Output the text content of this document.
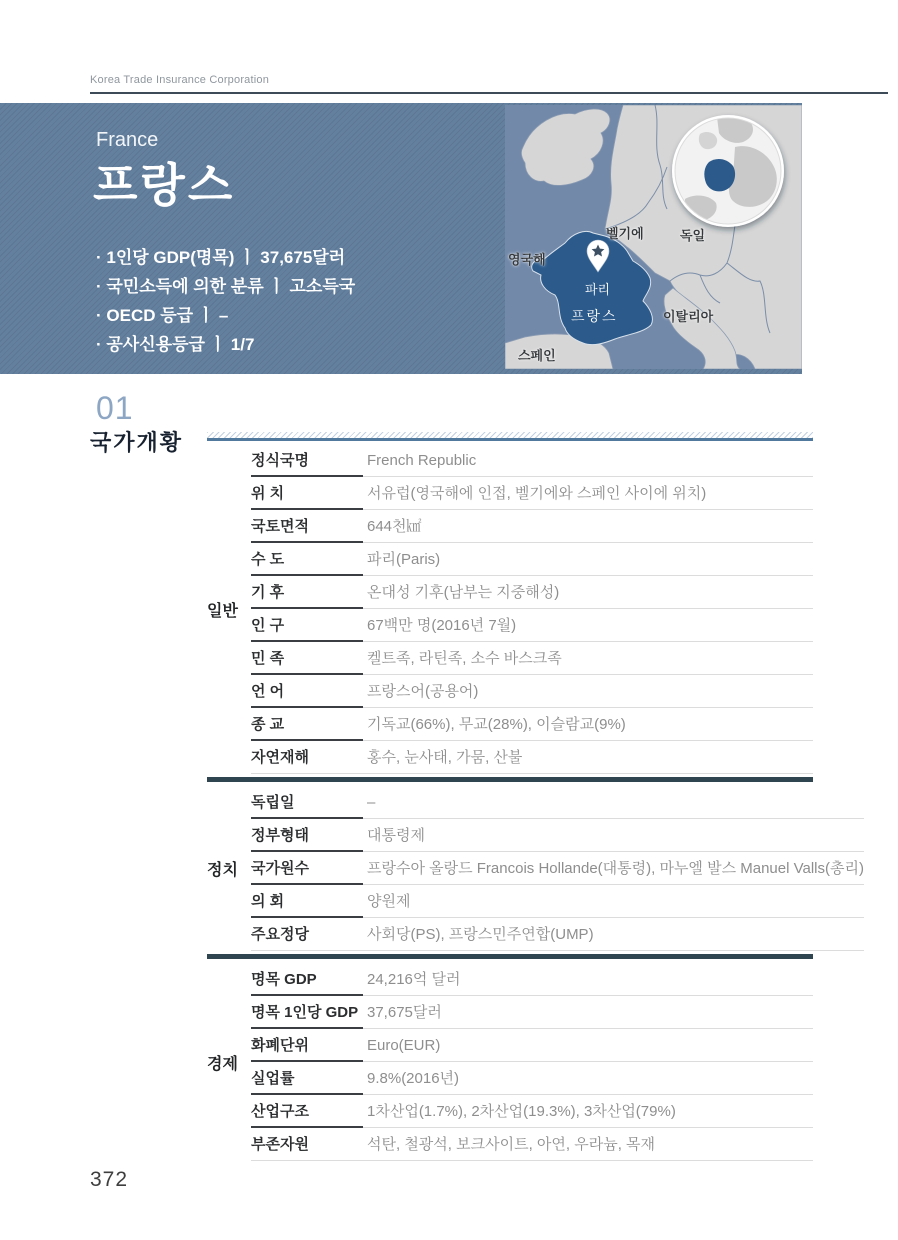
Korea Trade Insurance Corporation
France
프랑스
· 1인당 GDP(명목) ㅣ 37,675달러
· 국민소득에 의한 분류 ㅣ 고소득국
· OECD 등급 ㅣ –
· 공사신용등급 ㅣ 1/7
영국해
벨기에	독일
파리
프랑스	이탈리아
스페인
01
국가개황
일반
정식국명	French Republic
위 치	서유럽(영국해에 인접, 벨기에와 스페인 사이에 위치)
국토면적	644천㎢
수 도	파리(Paris)
기 후	온대성 기후(남부는 지중해성)
인 구	67백만 명(2016년 7월)
민 족	켈트족, 라틴족, 소수 바스크족
언 어	프랑스어(공용어)
종 교	기독교(66%), 무교(28%), 이슬람교(9%)
자연재해	홍수, 눈사태, 가뭄, 산불
정치
독립일	–
정부형태	대통령제
국가원수	프랑수아 올랑드 Francois Hollande(대통령), 마누엘 발스 Manuel Valls(총리)
의 회	양원제
주요정당	사회당(PS), 프랑스민주연합(UMP)
경제
명목 GDP	24,216억 달러
명목 1인당 GDP 37,675달러
화폐단위	Euro(EUR)
실업률	9.8%(2016년)
산업구조	1차산업(1.7%), 2차산업(19.3%), 3차산업(79%)
부존자원	석탄, 철광석, 보크사이트, 아연, 우라늄, 목재
372
